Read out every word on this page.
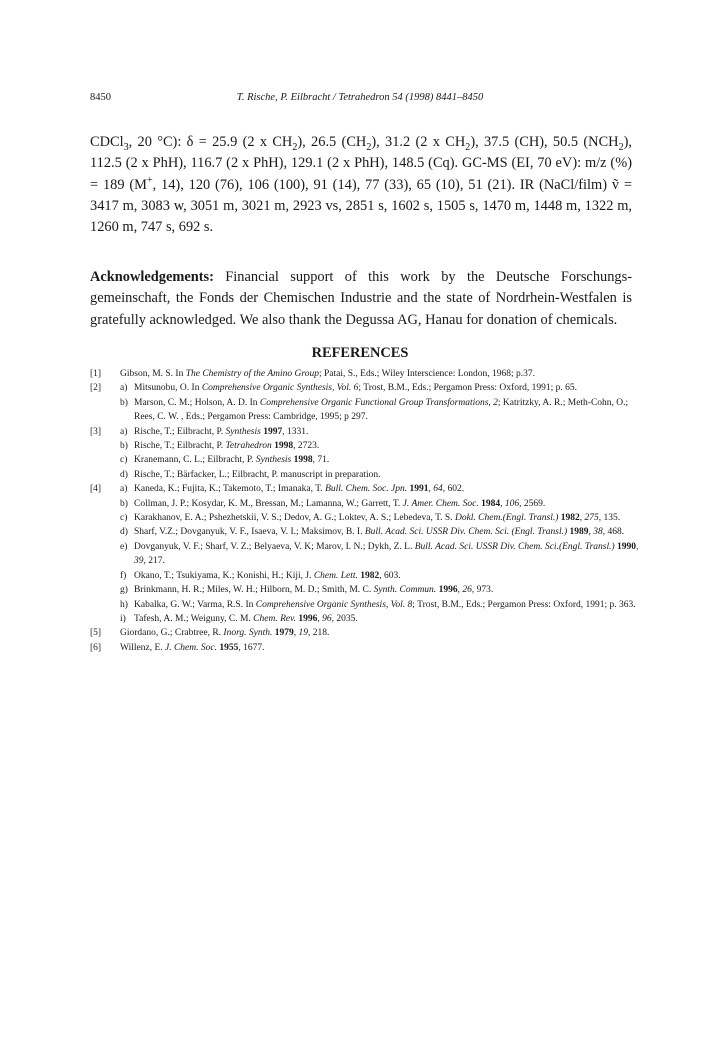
8450	T. Rische, P. Eilbracht / Tetrahedron 54 (1998) 8441–8450
CDCl$_3$, 20 °C): δ = 25.9 (2 x $CH_2$), 26.5 $(CH_2)$, 31.2 (2 x $CH_2$), 37.5 (CH), 50.5 $(NCH_2)$, 112.5 (2 x PhH), 116.7 (2 x PhH), 129.1 (2 x PhH), 148.5 (Cq). GC-MS (EI, 70 eV): m/z (%) = 189 (M+, 14), 120 (76), 106 (100), 91 (14), 77 (33), 65 (10), 51 (21). IR (NaCl/film) ṽ = 3417 m, 3083 w, 3051 m, 3021 m, 2923 vs, 2851 s, 1602 s, 1505 s, 1470 m, 1448 m, 1322 m, 1260 m, 747 s, 692 s.
Acknowledgements: Financial support of this work by the Deutsche Forschungs-gemeinschaft, the Fonds der Chemischen Industrie and the state of Nordrhein-Westfalen is gratefully acknowledged. We also thank the Degussa AG, Hanau for donation of chemicals.
REFERENCES
[1]	Gibson, M. S. In The Chemistry of the Amino Group; Patai, S., Eds.; Wiley Interscience: London, 1968; p.37.
[2]	a) Mitsunobu, O. In Comprehensive Organic Synthesis, Vol. 6; Trost, B.M., Eds.; Pergamon Press: Oxford, 1991; p. 65.
b) Marson, C. M.; Holson, A. D. In Comprehensive Organic Functional Group Transformations, 2; Katritzky, A. R.; Meth-Cohn, O.; Rees, C. W. , Eds.; Pergamon Press: Cambridge, 1995; p 297.
[3]	a) Rische, T.; Eilbracht, P. Synthesis 1997, 1331.
b) Rische, T.; Eilbracht, P. Tetrahedron 1998, 2723.
c) Kranemann, C. L.; Eilbracht, P. Synthesis 1998, 71.
d) Rische, T.; Bärfacker, L.; Eilbracht, P. manuscript in preparation.
[4]	a) Kaneda, K.; Fujita, K.; Takemoto, T.; Imanaka, T. Bull. Chem. Soc. Jpn. 1991, 64, 602.
b) Collman, J. P.; Kosydar, K. M., Bressan, M.; Lamanna, W.; Garrett, T. J. Amer. Chem. Soc. 1984, 106, 2569.
c) Karakhanov, E. A.; Pshezhetskii, V. S.; Dedov, A. G.; Loktev, A. S.; Lebedeva, T. S. Dokl. Chem.(Engl. Transl.) 1982, 275, 135.
d) Sharf, V.Z.; Dovganyuk, V. F., Isaeva, V. I.; Maksimov, B. I. Bull. Acad. Sci. USSR Div. Chem. Sci. (Engl. Transl.) 1989, 38, 468.
e) Dovganyuk, V. F.; Sharf, V. Z.; Belyaeva, V. K; Marov, I. N.; Dykh, Z. L. Bull. Acad. Sci. USSR Div. Chem. Sci.(Engl. Transl.) 1990, 39, 217.
f) Okano, T.; Tsukiyama, K.; Konishi, H.; Kiji, J. Chem. Lett. 1982, 603.
g) Brinkmann, H. R.; Miles, W. H.; Hilborn, M. D.; Smith, M. C. Synth. Commun. 1996, 26, 973.
h) Kabalka, G. W.; Varma, R.S. In Comprehensive Organic Synthesis, Vol. 8; Trost, B.M., Eds.; Pergamon Press: Oxford, 1991; p. 363.
i) Tafesh, A. M.; Weiguny, C. M. Chem. Rev. 1996, 96, 2035.
[5]	Giordano, G.; Crabtree, R. Inorg. Synth. 1979, 19, 218.
[6]	Willenz, E. J. Chem. Soc. 1955, 1677.
